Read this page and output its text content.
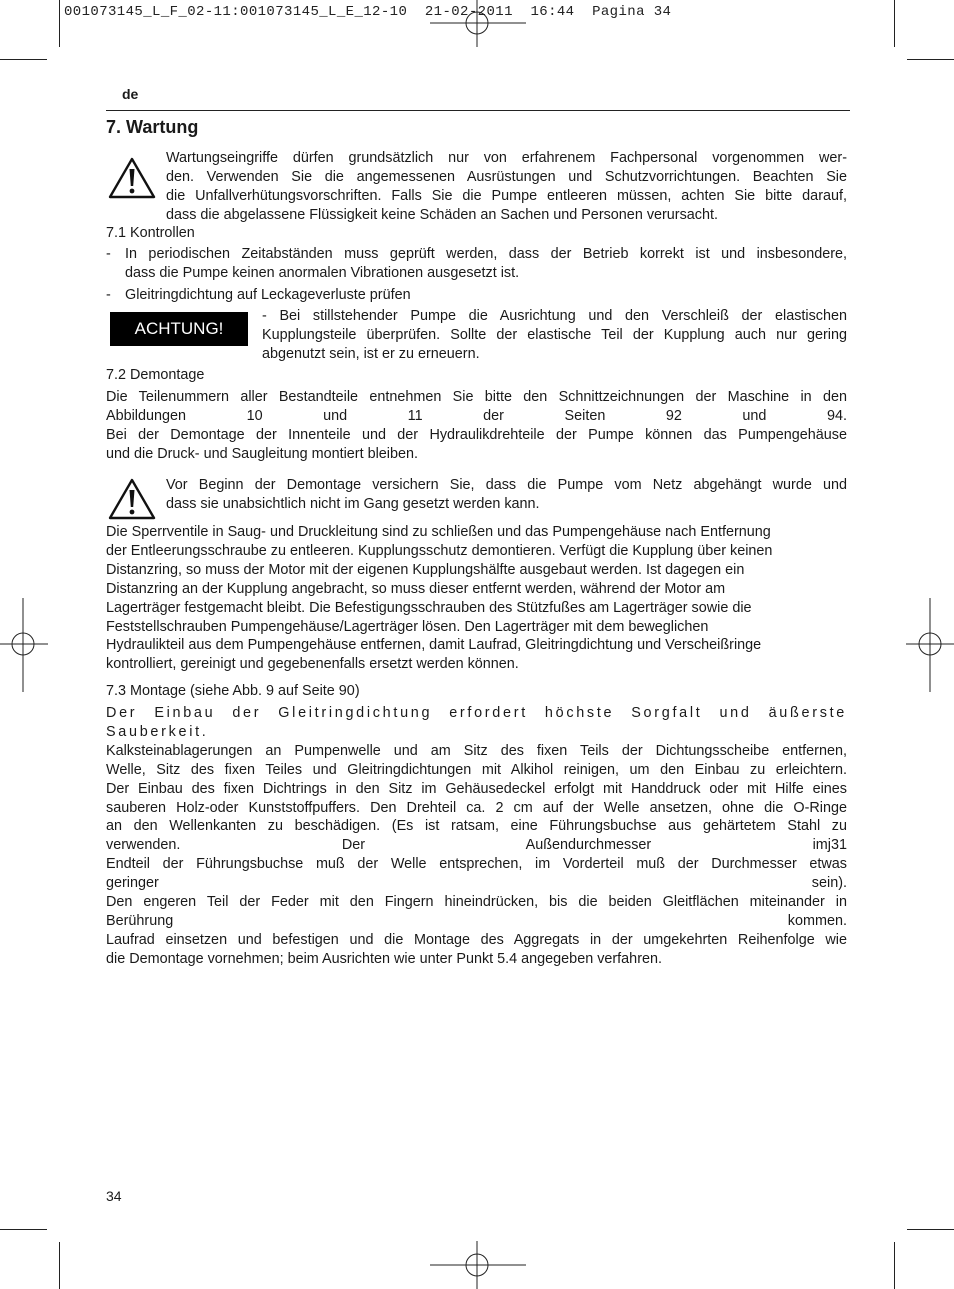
001073145_L_F_02-11:001073145_L_E_12-10  21-02-2011  16:44  Pagina 34
de
7. Wartung
Wartungseingriffe dürfen grundsätzlich nur von erfahrenem Fachpersonal vorgenommen wer-
den. Verwenden Sie die angemessenen Ausrüstungen und Schutzvorrichtungen. Beachten Sie
die Unfallverhütungsvorschriften. Falls Sie die Pumpe entleeren müssen, achten Sie bitte darauf,
dass die abgelassene Flüssigkeit keine Schäden an Sachen und Personen verursacht.
7.1 Kontrollen
- In periodischen Zeitabständen muss geprüft werden, dass der Betrieb korrekt ist und insbesondere,
dass die Pumpe keinen anormalen Vibrationen ausgesetzt ist.
- Gleitringdichtung auf Leckageverluste prüfen
ACHTUNG!
- Bei stillstehender Pumpe die Ausrichtung und den Verschleiß der elastischen
Kupplungsteile überprüfen. Sollte der elastische Teil der Kupplung auch nur gering
abgenutzt sein, ist er zu erneuern.
7.2 Demontage
Die Teilenummern aller Bestandteile entnehmen Sie bitte den Schnittzeichnungen der Maschine in den
Abbildungen 10 und 11 der Seiten 92 und 94.
Bei der Demontage der Innenteile und der Hydraulikdrehteile der Pumpe können das Pumpengehäuse
und die Druck- und Saugleitung montiert bleiben.
Vor Beginn der Demontage versichern Sie, dass die Pumpe vom Netz abgehängt wurde und
dass sie unabsichtlich nicht im Gang gesetzt werden kann.
Die Sperrventile in Saug- und Druckleitung sind zu schließen und das Pumpengehäuse nach Entfernung
der Entleerungsschraube zu entleeren. Kupplungsschutz demontieren. Verfügt die Kupplung über keinen
Distanzring, so muss der Motor mit der eigenen Kupplungshälfte ausgebaut werden. Ist dagegen ein
Distanzring an der Kupplung angebracht, so muss dieser entfernt werden, während der Motor am
Lagerträger festgemacht bleibt. Die Befestigungsschrauben des Stützfußes am Lagerträger sowie die
Feststellschrauben Pumpengehäuse/Lagerträger lösen. Den Lagerträger mit dem beweglichen
Hydraulikteil aus dem Pumpengehäuse entfernen, damit Laufrad, Gleitringdichtung und Verscheißringe
kontrolliert, gereinigt und gegebenenfalls ersetzt werden können.
7.3 Montage (siehe Abb. 9 auf Seite 90)
Der Einbau der Gleitringdichtung erfordert höchste Sorgfalt und äußerste Sauberkeit.
Kalksteinablagerungen an Pumpenwelle und am Sitz des fixen Teils der Dichtungsscheibe entfernen,
Welle, Sitz des fixen Teiles und Gleitringdichtungen mit Alkihol reinigen, um den Einbau zu erleichtern.
Der Einbau des fixen Dichtrings in den Sitz im Gehäusedeckel erfolgt mit Handdruck oder mit Hilfe eines
sauberen Holz-oder Kunststoffpuffers. Den Drehteil ca. 2 cm auf der Welle ansetzen, ohne die O-Ringe
an den Wellenkanten zu beschädigen. (Es ist ratsam, eine Führungsbuchse aus gehärtetem Stahl zu
verwenden. Der Außendurchmesser imj31
Endteil der Führungsbuchse muß der Welle entsprechen, im Vorderteil muß der Durchmesser etwas
geringer sein).
Den engeren Teil der Feder mit den Fingern hineindrücken, bis die beiden Gleitflächen miteinander in
Berührung kommen.
Laufrad einsetzen und befestigen und die Montage des Aggregats in der umgekehrten Reihenfolge wie
die Demontage vornehmen; beim Ausrichten wie unter Punkt 5.4 angegeben verfahren.
34
